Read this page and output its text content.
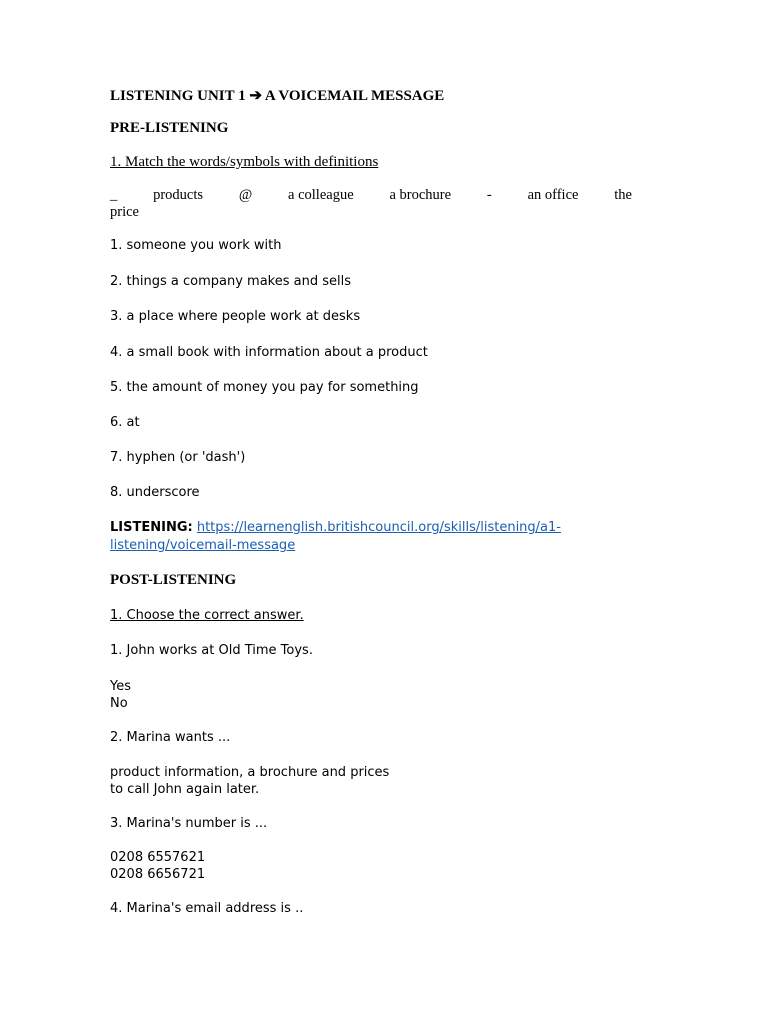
LISTENING UNIT 1 ➔ A VOICEMAIL MESSAGE
PRE-LISTENING
1. Match the words/symbols with definitions
_ products @ a colleague a brochure - an office the
price
1. someone you work with
2. things a company makes and sells
3. a place where people work at desks
4. a small book with information about a product
5. the amount of money you pay for something
6. at
7. hyphen (or 'dash')
8. underscore
LISTENING: https://learnenglish.britishcouncil.org/skills/listening/a1-
listening/voicemail-message
POST-LISTENING
1. Choose the correct answer.
1. John works at Old Time Toys.
Yes
No
2. Marina wants ...
product information, a brochure and prices
to call John again later.
3. Marina's number is ...
0208 6557621
0208 6656721
4. Marina's email address is ..
